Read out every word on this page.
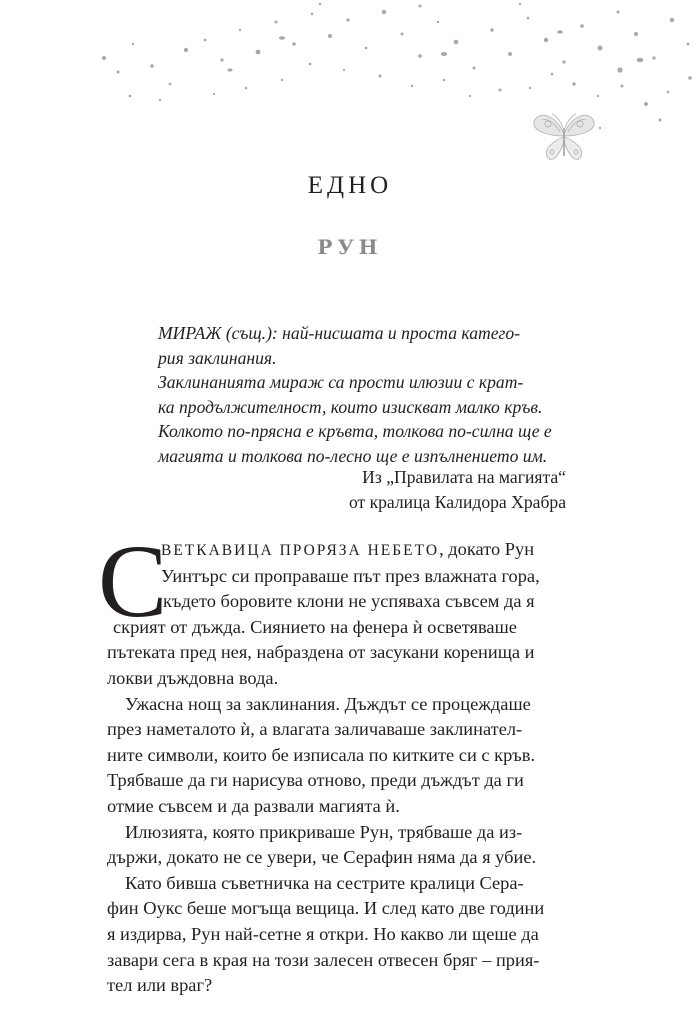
ЕДНО
РУН
МИРАЖ (същ.): най-нисшата и проста катего-
рия заклинания.
Заклинанията мираж са прости илюзии с крат-
ка продължителност, които изискват малко кръв.
Колкото по-прясна е кръвта, толкова по-силна ще е
магията и толкова по-лесно ще е изпълнението им.
Из „Правилата на магията“
от кралица Калидора Храбра
С
ВЕТКАВИЦА ПРОРЯЗА НЕБЕТО, докато Рун
Уинтърс си проправаше път през влажната гора,
където боровите клони не успяваха съвсем да я
скрият от дъжда. Сиянието на фенера ѝ осветяваше
пътеката пред нея, набраздена от засукани коренища и
локви дъждовна вода.
Ужасна нощ за заклинания. Дъждът се процеждаше
през наметалото ѝ, а влагата заличаваше заклинател-
ните символи, които бе изписала по китките си с кръв.
Трябваше да ги нарисува отново, преди дъждът да ги
отмие съвсем и да развали магията ѝ.
Илюзията, която прикриваше Рун, трябваше да из-
държи, докато не се увери, че Серафин няма да я убие.
Като бивша съветничка на сестрите кралици Сера-
фин Оукс беше могъща вещица. И след като две години
я издирва, Рун най-сетне я откри. Но какво ли щеше да
завари сега в края на този залесен отвесен бряг – прия-
тел или враг?
